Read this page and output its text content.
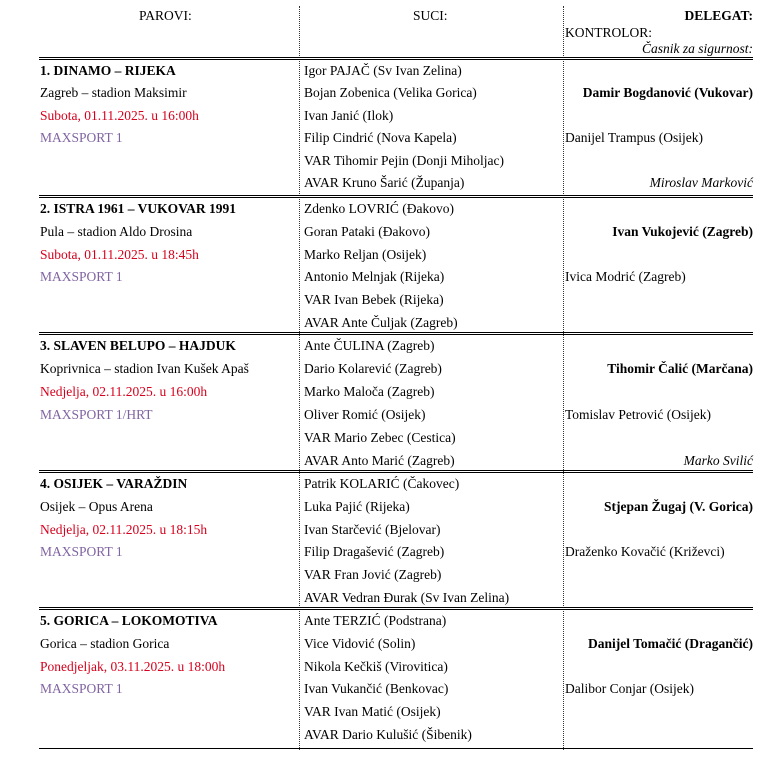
PAROVI:	SUCI:	DELEGAT:
KONTROLOR:
Časnik za sigurnost:
1. DINAMO – RIJEKA
Zagreb – stadion Maksimir
Subota, 01.11.2025. u 16:00h
MAXSPORT 1
Igor PAJAČ (Sv Ivan Zelina)
Bojan Zobenica (Velika Gorica)
Ivan Janić (Ilok)
Filip Cindrić (Nova Kapela)
VAR Tihomir Pejin (Donji Miholjac)
AVAR Kruno Šarić (Županja)
Damir Bogdanović (Vukovar)
Danijel Trampus (Osijek)
Miroslav Marković
2. ISTRA 1961 – VUKOVAR 1991
Pula – stadion Aldo Drosina
Subota, 01.11.2025. u 18:45h
MAXSPORT 1
Zdenko LOVRIĆ (Đakovo)
Goran Pataki (Đakovo)
Marko Reljan (Osijek)
Antonio Melnjak (Rijeka)
VAR Ivan Bebek (Rijeka)
AVAR Ante Čuljak (Zagreb)
Ivan Vukojević (Zagreb)
Ivica Modrić (Zagreb)
3. SLAVEN BELUPO – HAJDUK
Koprivnica – stadion Ivan Kušek Apaš
Nedjelja, 02.11.2025. u 16:00h
MAXSPORT 1/HRT
Ante ČULINA (Zagreb)
Dario Kolarević (Zagreb)
Marko Maloča (Zagreb)
Oliver Romić (Osijek)
VAR Mario Zebec (Cestica)
AVAR Anto Marić (Zagreb)
Tihomir Čalić (Marčana)
Tomislav Petrović (Osijek)
Marko Svilić
4. OSIJEK – VARAŽDIN
Osijek – Opus Arena
Nedjelja, 02.11.2025. u 18:15h
MAXSPORT 1
Patrik KOLARIĆ (Čakovec)
Luka Pajić (Rijeka)
Ivan Starčević (Bjelovar)
Filip Dragašević (Zagreb)
VAR Fran Jović (Zagreb)
AVAR Vedran Đurak (Sv Ivan Zelina)
Stjepan Žugaj (V. Gorica)
Draženko Kovačić (Križevci)
5. GORICA – LOKOMOTIVA
Gorica – stadion Gorica
Ponedjeljak, 03.11.2025. u 18:00h
MAXSPORT 1
Ante TERZIĆ (Podstrana)
Vice Vidović (Solin)
Nikola Kečkiš (Virovitica)
Ivan Vukančić (Benkovac)
VAR Ivan Matić (Osijek)
AVAR Dario Kulušić (Šibenik)
Danijel Tomačić (Dragančić)
Dalibor Conjar (Osijek)
